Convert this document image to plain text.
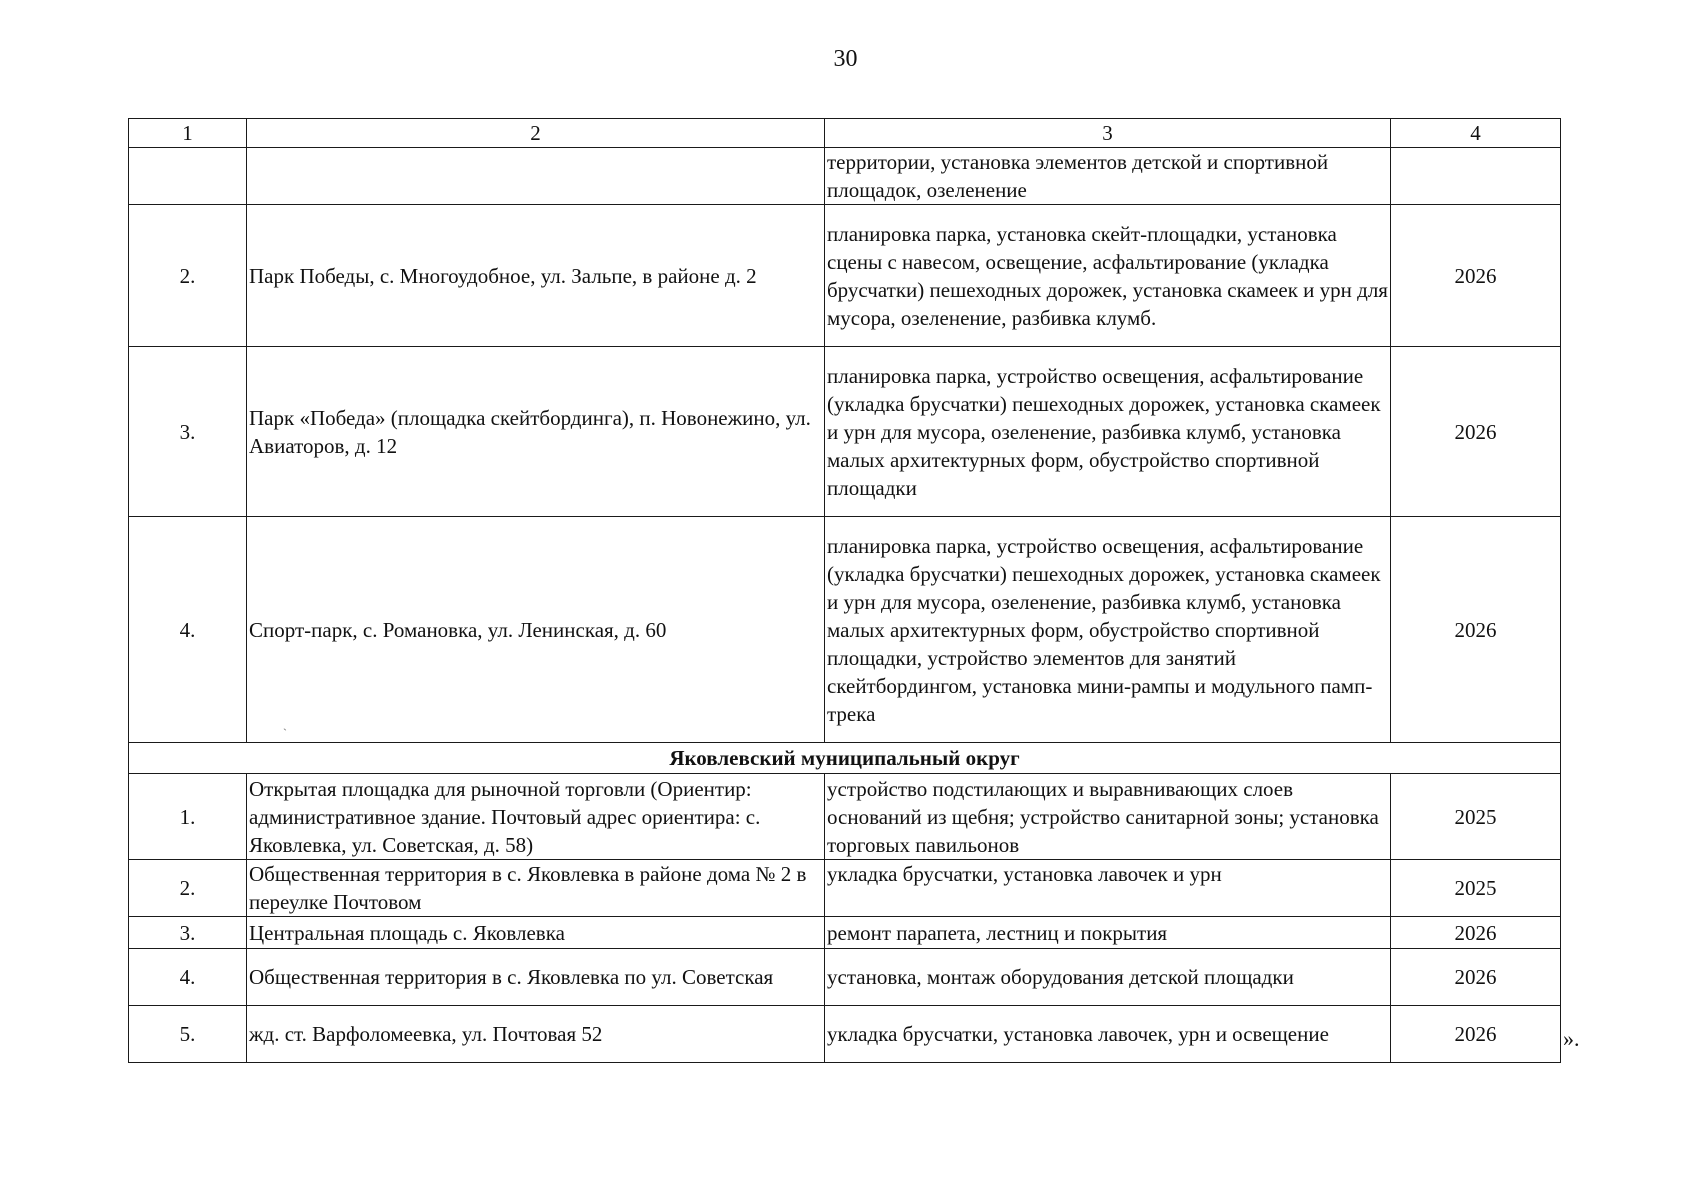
30
1	2	3	4
		территории, установка элементов детской и спортивной площадок, озеленение	
2.	Парк Победы, с. Многоудобное, ул. Зальпе, в районе д. 2	планировка парка, установка скейт-площадки, установка сцены с навесом, освещение, асфальтирование (укладка брусчатки) пешеходных дорожек, установка скамеек и урн для мусора, озеленение, разбивка клумб.	2026
3.	Парк «Победа» (площадка скейтбординга), п. Новонежино, ул. Авиаторов, д. 12	планировка парка, устройство освещения, асфальтирование (укладка брусчатки) пешеходных дорожек, установка скамеек и урн для мусора, озеленение, разбивка клумб, установка малых архитектурных форм, обустройство спортивной площадки	2026
4.	Спорт-парк, с. Романовка, ул. Ленинская, д. 60	планировка парка, устройство освещения, асфальтирование (укладка брусчатки) пешеходных дорожек, установка скамеек и урн для мусора, озеленение, разбивка клумб, установка малых архитектурных форм, обустройство спортивной площадки, устройство элементов для занятий скейтбордингом, установка мини-рампы и модульного памп-трека	2026
Яковлевский муниципальный округ			
1.	Открытая площадка для рыночной торговли (Ориентир: административное здание. Почтовый адрес ориентира: с. Яковлевка, ул. Советская, д. 58)	устройство подстилающих и выравнивающих слоев оснований из щебня; устройство санитарной зоны; установка торговых павильонов	2025
2.	Общественная территория в с. Яковлевка в районе дома № 2 в переулке Почтовом	укладка брусчатки, установка лавочек и урн	2025
3.	Центральная площадь с. Яковлевка	ремонт парапета, лестниц и покрытия	2026
4.	Общественная территория в с. Яковлевка по ул. Советская	установка, монтаж оборудования детской площадки	2026
5.	жд. ст. Варфоломеевка, ул. Почтовая 52	укладка брусчатки, установка лавочек, урн и освещение	2026	».
`
